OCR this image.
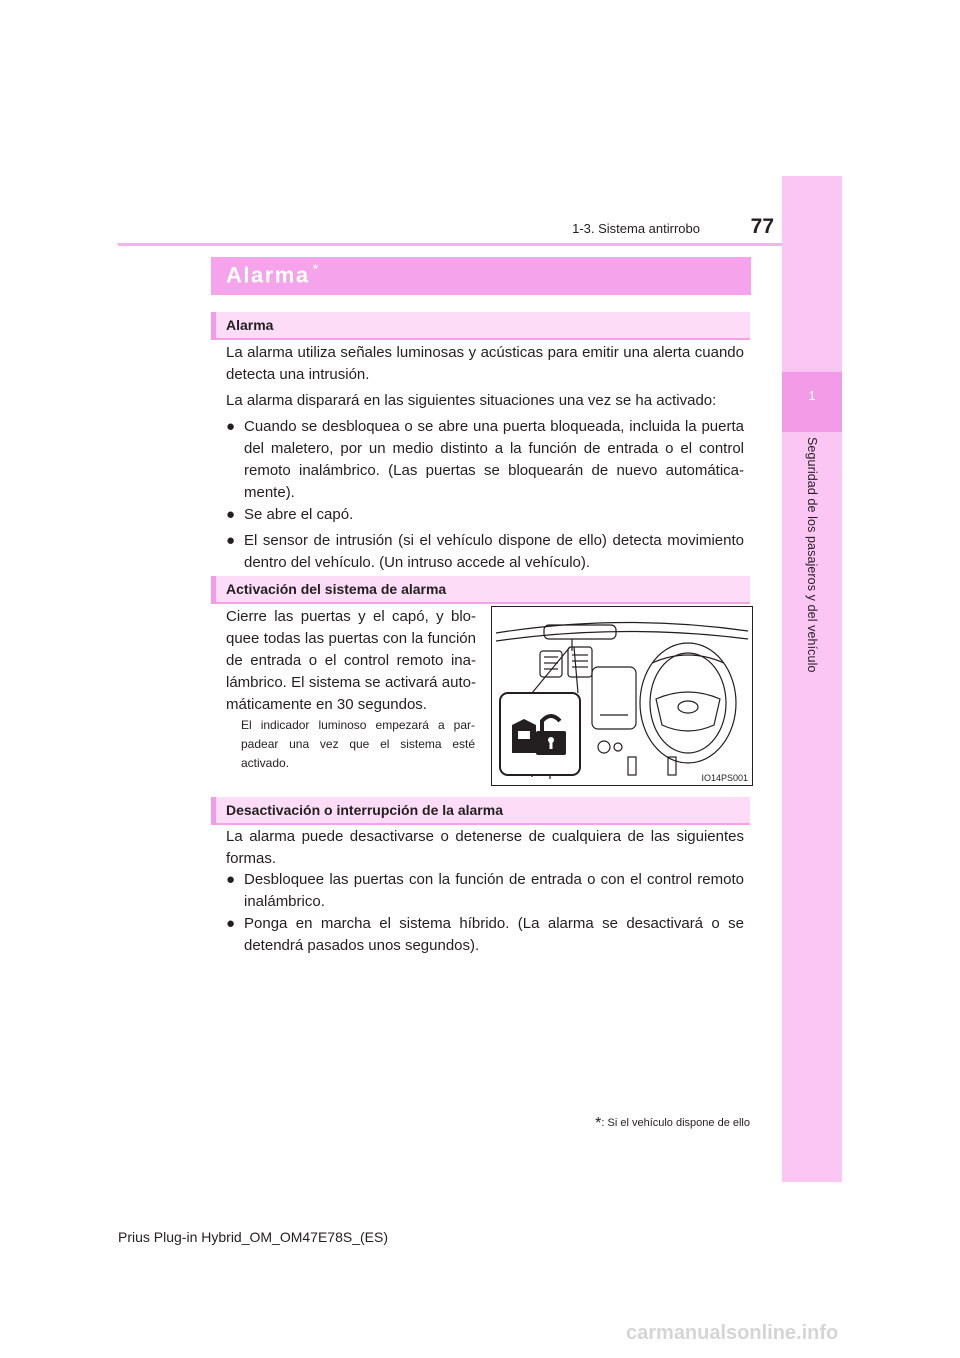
77
1-3. Sistema antirrobo
1
Seguridad de los pasajeros y del vehículo
Alarma *
Alarma
La alarma utiliza señales luminosas y acústicas para emitir una alerta cuando detecta una intrusión.
La alarma disparará en las siguientes situaciones una vez se ha activado:
● Cuando se desbloquea o se abre una puerta bloqueada, incluida la puerta del maletero, por un medio distinto a la función de entrada o el control remoto inalámbrico. (Las puertas se bloquearán de nuevo automática-mente).
● Se abre el capó.
● El sensor de intrusión (si el vehículo dispone de ello) detecta movimiento dentro del vehículo. (Un intruso accede al vehículo).
Activación del sistema de alarma
Cierre las puertas y el capó, y blo-quee todas las puertas con la función de entrada o el control remoto ina-lámbrico. El sistema se activará auto-máticamente en 30 segundos.
El indicador luminoso empezará a par-padear una vez que el sistema esté activado.
IO14PS001
Desactivación o interrupción de la alarma
La alarma puede desactivarse o detenerse de cualquiera de las siguientes formas.
● Desbloquee las puertas con la función de entrada o con el control remoto inalámbrico.
● Ponga en marcha el sistema híbrido. (La alarma se desactivará o se detendrá pasados unos segundos).
*: Si el vehículo dispone de ello
Prius Plug-in Hybrid_OM_OM47E78S_(ES)
carmanualsonline.info
